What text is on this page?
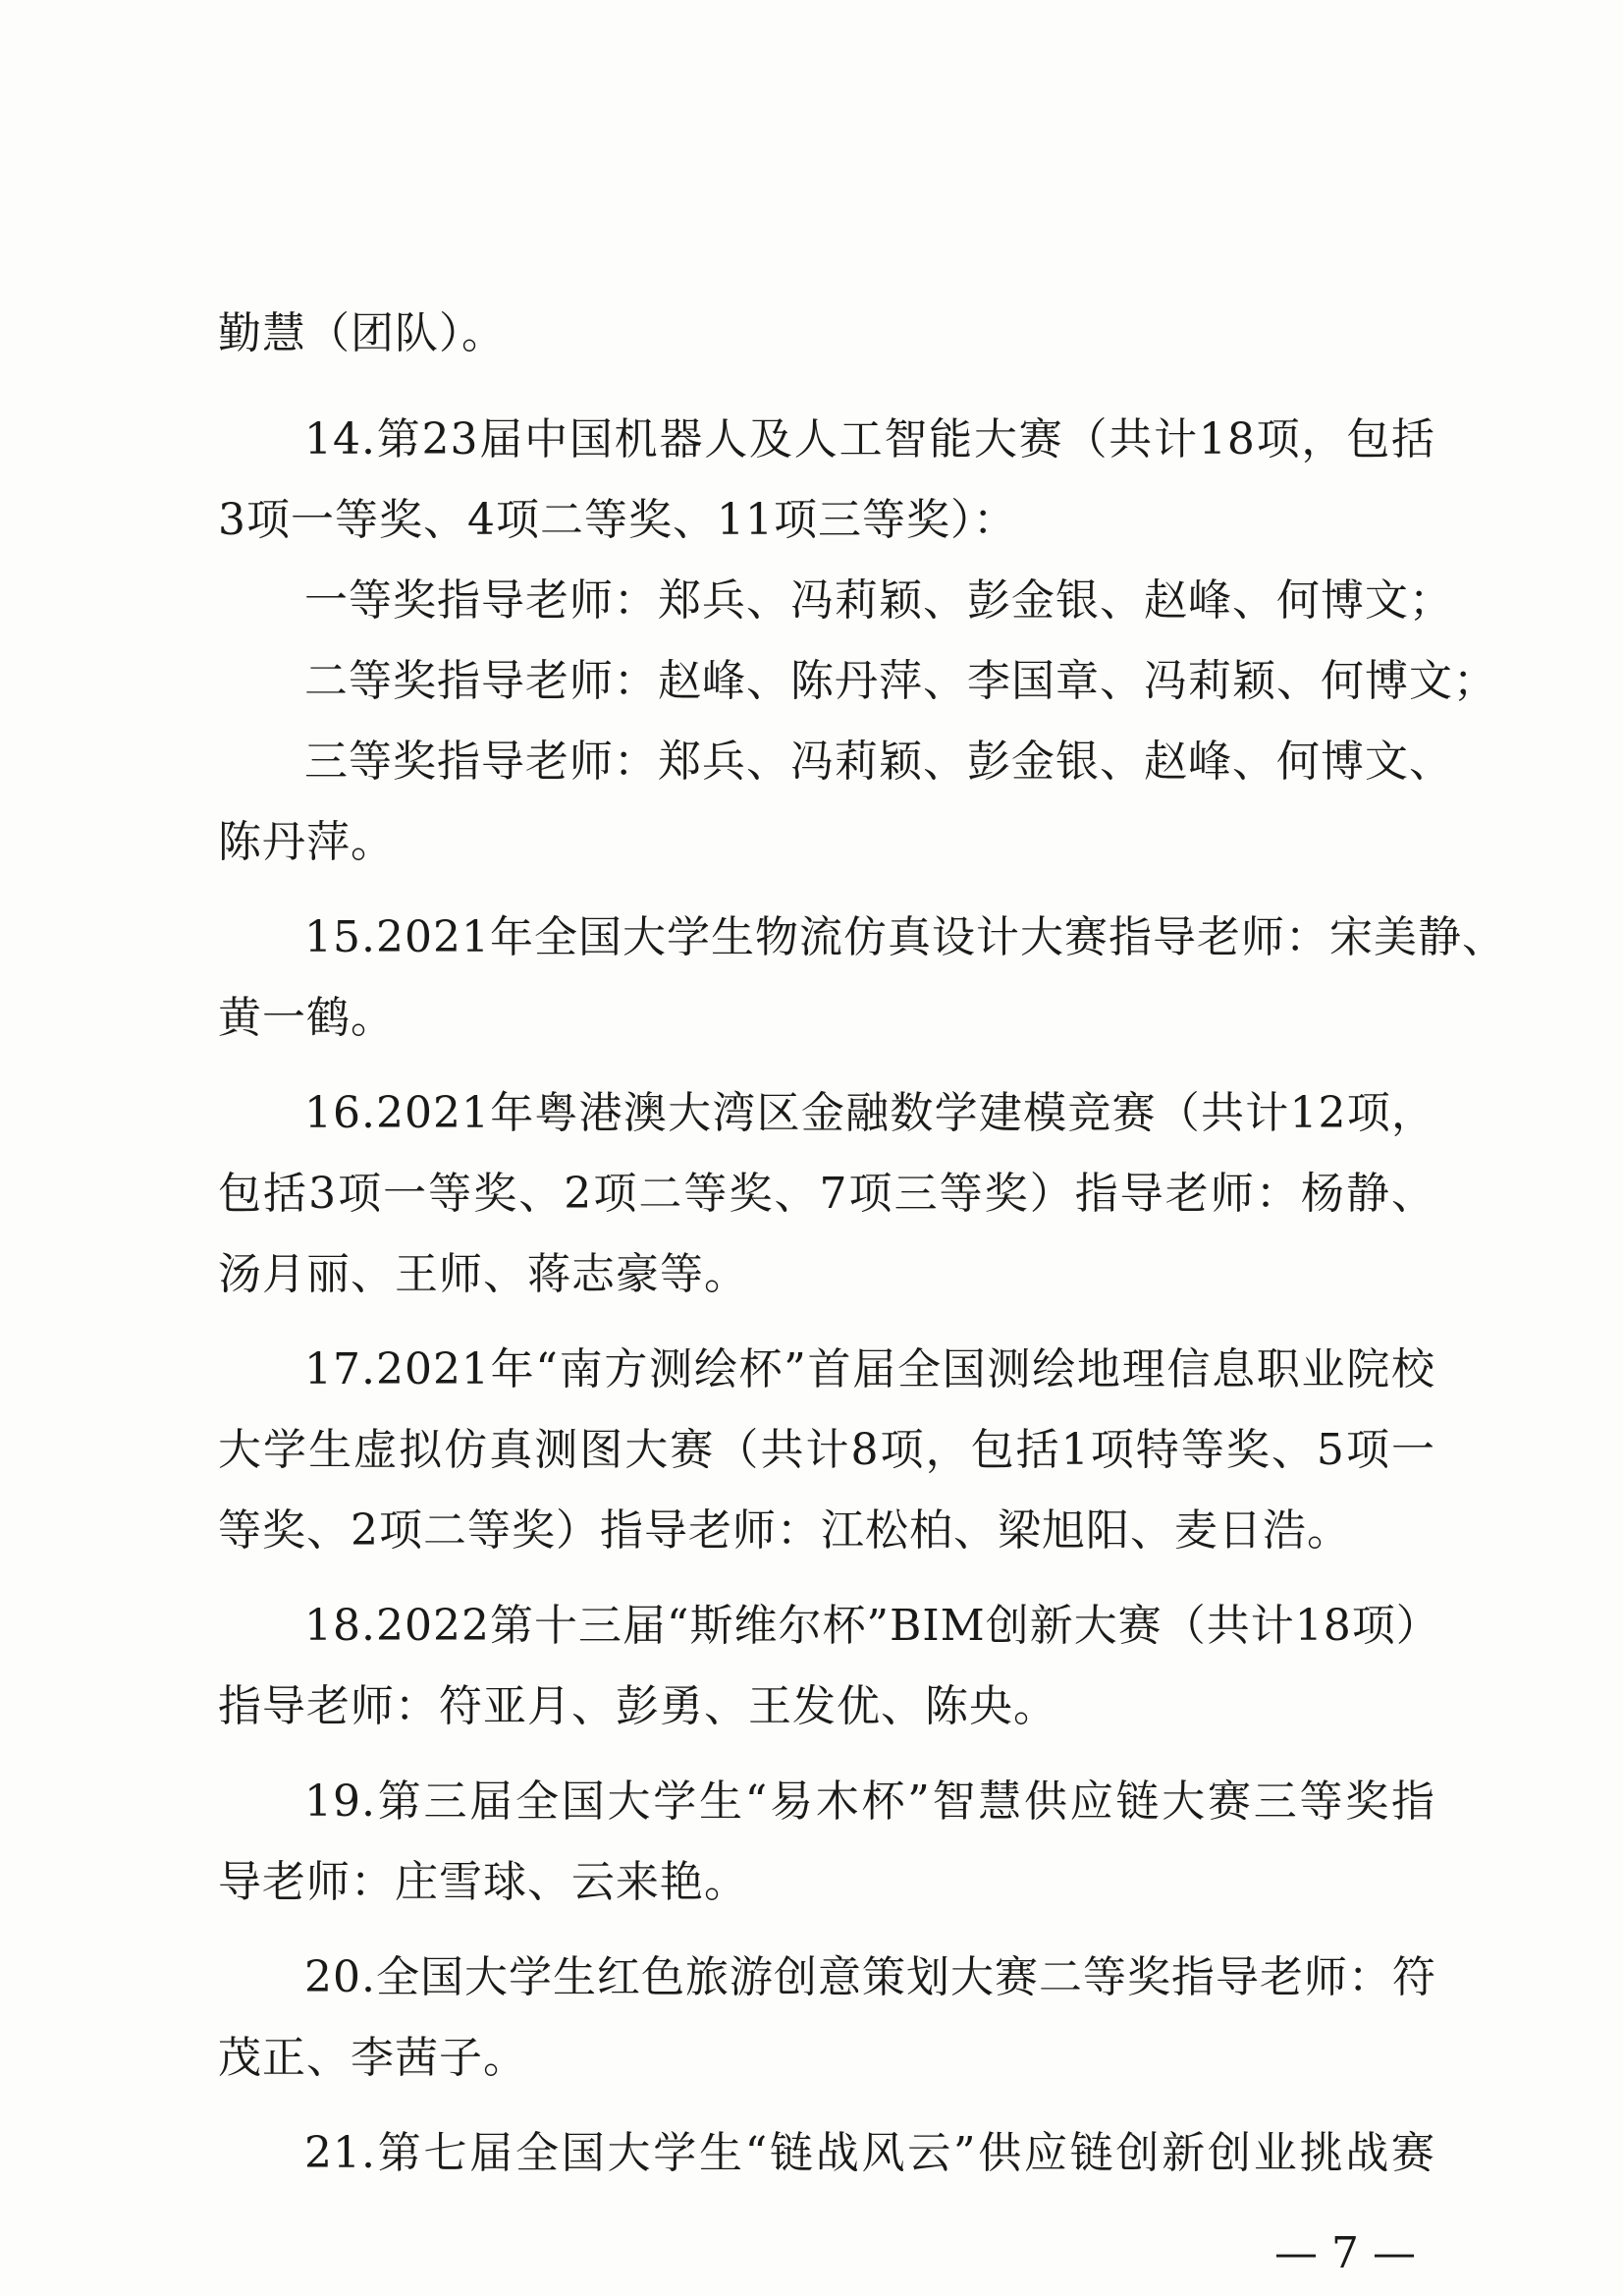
勤慧（团队）。
14.第23届中国机器人及人工智能大赛（共计18项，包括
3项一等奖、4项二等奖、11项三等奖）：
一等奖指导老师：郑兵、冯莉颖、彭金银、赵峰、何博文；
二等奖指导老师：赵峰、陈丹萍、李国章、冯莉颖、何博文；
三等奖指导老师：郑兵、冯莉颖、彭金银、赵峰、何博文、
陈丹萍。
15.2021年全国大学生物流仿真设计大赛指导老师：宋美静、
黄一鹤。
16.2021年粤港澳大湾区金融数学建模竞赛（共计12项，
包括3项一等奖、2项二等奖、7项三等奖）指导老师：杨静、
汤月丽、王师、蒋志豪等。
17.2021年“南方测绘杯”首届全国测绘地理信息职业院校
大学生虚拟仿真测图大赛（共计8项，包括1项特等奖、5项一
等奖、2项二等奖）指导老师：江松柏、梁旭阳、麦日浩。
18.2022第十三届“斯维尔杯”BIM创新大赛（共计18项）
指导老师：符亚月、彭勇、王发优、陈央。
19.第三届全国大学生“易木杯”智慧供应链大赛三等奖指
导老师：庄雪球、云来艳。
20.全国大学生红色旅游创意策划大赛二等奖指导老师：符
茂正、李茜子。
21.第七届全国大学生“链战风云”供应链创新创业挑战赛
— 7 —
